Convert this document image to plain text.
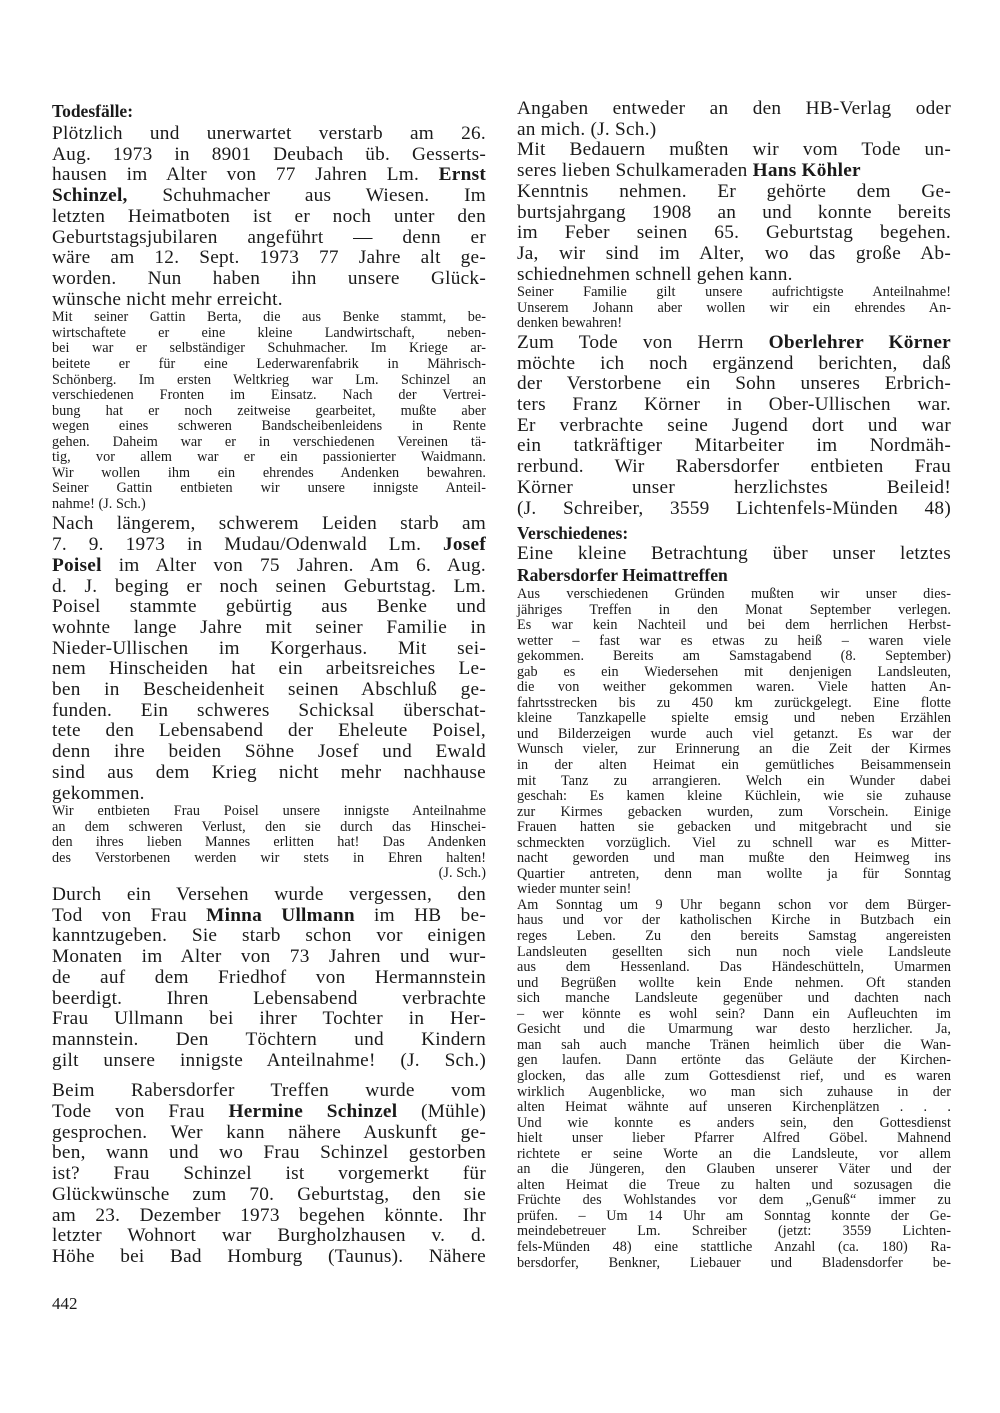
Todesfälle:
Plötzlich und unerwartet verstarb am 26.
Aug. 1973 in 8901 Deubach üb. Gesserts-
hausen im Alter von 77 Jahren Lm. Ernst
Schinzel, Schuhmacher aus Wiesen. Im
letzten Heimatboten ist er noch unter den
Geburtstagsjubilaren angeführt — denn er
wäre am 12. Sept. 1973 77 Jahre alt ge-
worden. Nun haben ihn unsere Glück-
wünsche nicht mehr erreicht.
Mit seiner Gattin Berta, die aus Benke stammt, be-
wirtschaftete er eine kleine Landwirtschaft, neben-
bei war er selbständiger Schuhmacher. Im Kriege ar-
beitete er für eine Lederwarenfabrik in Mährisch-
Schönberg. Im ersten Weltkrieg war Lm. Schinzel an
verschiedenen Fronten im Einsatz. Nach der Vertrei-
bung hat er noch zeitweise gearbeitet, mußte aber
wegen eines schweren Bandscheibenleidens in Rente
gehen. Daheim war er in verschiedenen Vereinen tä-
tig, vor allem war er ein passionierter Waidmann.
Wir wollen ihm ein ehrendes Andenken bewahren.
Seiner Gattin entbieten wir unsere innigste Anteil-
nahme! (J. Sch.)
Nach längerem, schwerem Leiden starb am
7. 9. 1973 in Mudau/Odenwald Lm. Josef
Poisel im Alter von 75 Jahren. Am 6. Aug.
d. J. beging er noch seinen Geburtstag. Lm.
Poisel stammte gebürtig aus Benke und
wohnte lange Jahre mit seiner Familie in
Nieder-Ullischen im Korgerhaus. Mit sei-
nem Hinscheiden hat ein arbeitsreiches Le-
ben in Bescheidenheit seinen Abschluß ge-
funden. Ein schweres Schicksal überschat-
tete den Lebensabend der Eheleute Poisel,
denn ihre beiden Söhne Josef und Ewald
sind aus dem Krieg nicht mehr nachhause
gekommen.
Wir entbieten Frau Poisel unsere innigste Anteilnahme
an dem schweren Verlust, den sie durch das Hinschei-
den ihres lieben Mannes erlitten hat! Das Andenken
des Verstorbenen werden wir stets in Ehren halten!
(J. Sch.)
Durch ein Versehen wurde vergessen, den
Tod von Frau Minna Ullmann im HB be-
kanntzugeben. Sie starb schon vor einigen
Monaten im Alter von 73 Jahren und wur-
de auf dem Friedhof von Hermannstein
beerdigt. Ihren Lebensabend verbrachte
Frau Ullmann bei ihrer Tochter in Her-
mannstein. Den Töchtern und Kindern
gilt unsere innigste Anteilnahme! (J. Sch.)
Beim Rabersdorfer Treffen wurde vom
Tode von Frau Hermine Schinzel (Mühle)
gesprochen. Wer kann nähere Auskunft ge-
ben, wann und wo Frau Schinzel gestorben
ist? Frau Schinzel ist vorgemerkt für
Glückwünsche zum 70. Geburtstag, den sie
am 23. Dezember 1973 begehen könnte. Ihr
letzter Wohnort war Burgholzhausen v. d.
Höhe bei Bad Homburg (Taunus). Nähere
Angaben entweder an den HB-Verlag oder
an mich. (J. Sch.)
Mit Bedauern mußten wir vom Tode un-
seres lieben Schulkameraden Hans Köhler
Kenntnis nehmen. Er gehörte dem Ge-
burtsjahrgang 1908 an und konnte bereits
im Feber seinen 65. Geburtstag begehen.
Ja, wir sind im Alter, wo das große Ab-
schiednehmen schnell gehen kann.
Seiner Familie gilt unsere aufrichtigste Anteilnahme!
Unserem Johann aber wollen wir ein ehrendes An-
denken bewahren!
Zum Tode von Herrn Oberlehrer Körner
möchte ich noch ergänzend berichten, daß
der Verstorbene ein Sohn unseres Erbrich-
ters Franz Körner in Ober-Ullischen war.
Er verbrachte seine Jugend dort und war
ein tatkräftiger Mitarbeiter im Nordmäh-
rerbund. Wir Rabersdorfer entbieten Frau
Körner unser herzlichstes Beileid!
(J. Schreiber, 3559 Lichtenfels-Münden 48)
Verschiedenes:
Eine kleine Betrachtung über unser letztes
Rabersdorfer Heimattreffen
Aus verschiedenen Gründen mußten wir unser dies-
jähriges Treffen in den Monat September verlegen.
Es war kein Nachteil und bei dem herrlichen Herbst-
wetter – fast war es etwas zu heiß – waren viele
gekommen. Bereits am Samstagabend (8. September)
gab es ein Wiedersehen mit denjenigen Landsleuten,
die von weither gekommen waren. Viele hatten An-
fahrtsstrecken bis zu 450 km zurückgelegt. Eine flotte
kleine Tanzkapelle spielte emsig und neben Erzählen
und Bilderzeigen wurde auch viel getanzt. Es war der
Wunsch vieler, zur Erinnerung an die Zeit der Kirmes
in der alten Heimat ein gemütliches Beisammensein
mit Tanz zu arrangieren. Welch ein Wunder dabei
geschah: Es kamen kleine Küchlein, wie sie zuhause
zur Kirmes gebacken wurden, zum Vorschein. Einige
Frauen hatten sie gebacken und mitgebracht und sie
schmeckten vorzüglich. Viel zu schnell war es Mitter-
nacht geworden und man mußte den Heimweg ins
Quartier antreten, denn man wollte ja für Sonntag
wieder munter sein!
Am Sonntag um 9 Uhr begann schon vor dem Bürger-
haus und vor der katholischen Kirche in Butzbach ein
reges Leben. Zu den bereits Samstag angereisten
Landsleuten gesellten sich nun noch viele Landsleute
aus dem Hessenland. Das Händeschütteln, Umarmen
und Begrüßen wollte kein Ende nehmen. Oft standen
sich manche Landsleute gegenüber und dachten nach
– wer könnte es wohl sein? Dann ein Aufleuchten im
Gesicht und die Umarmung war desto herzlicher. Ja,
man sah auch manche Tränen heimlich über die Wan-
gen laufen. Dann ertönte das Geläute der Kirchen-
glocken, das alle zum Gottesdienst rief, und es waren
wirklich Augenblicke, wo man sich zuhause in der
alten Heimat wähnte auf unseren Kirchenplätzen . . .
Und wie konnte es anders sein, den Gottesdienst
hielt unser lieber Pfarrer Alfred Göbel. Mahnend
richtete er seine Worte an die Landsleute, vor allem
an die Jüngeren, den Glauben unserer Väter und der
alten Heimat die Treue zu halten und sozusagen die
Früchte des Wohlstandes vor dem „Genuß“ immer zu
prüfen. – Um 14 Uhr am Sonntag konnte der Ge-
meindebetreuer Lm. Schreiber (jetzt: 3559 Lichten-
fels-Münden 48) eine stattliche Anzahl (ca. 180) Ra-
bersdorfer, Benkner, Liebauer und Bladensdorfer be-
442
